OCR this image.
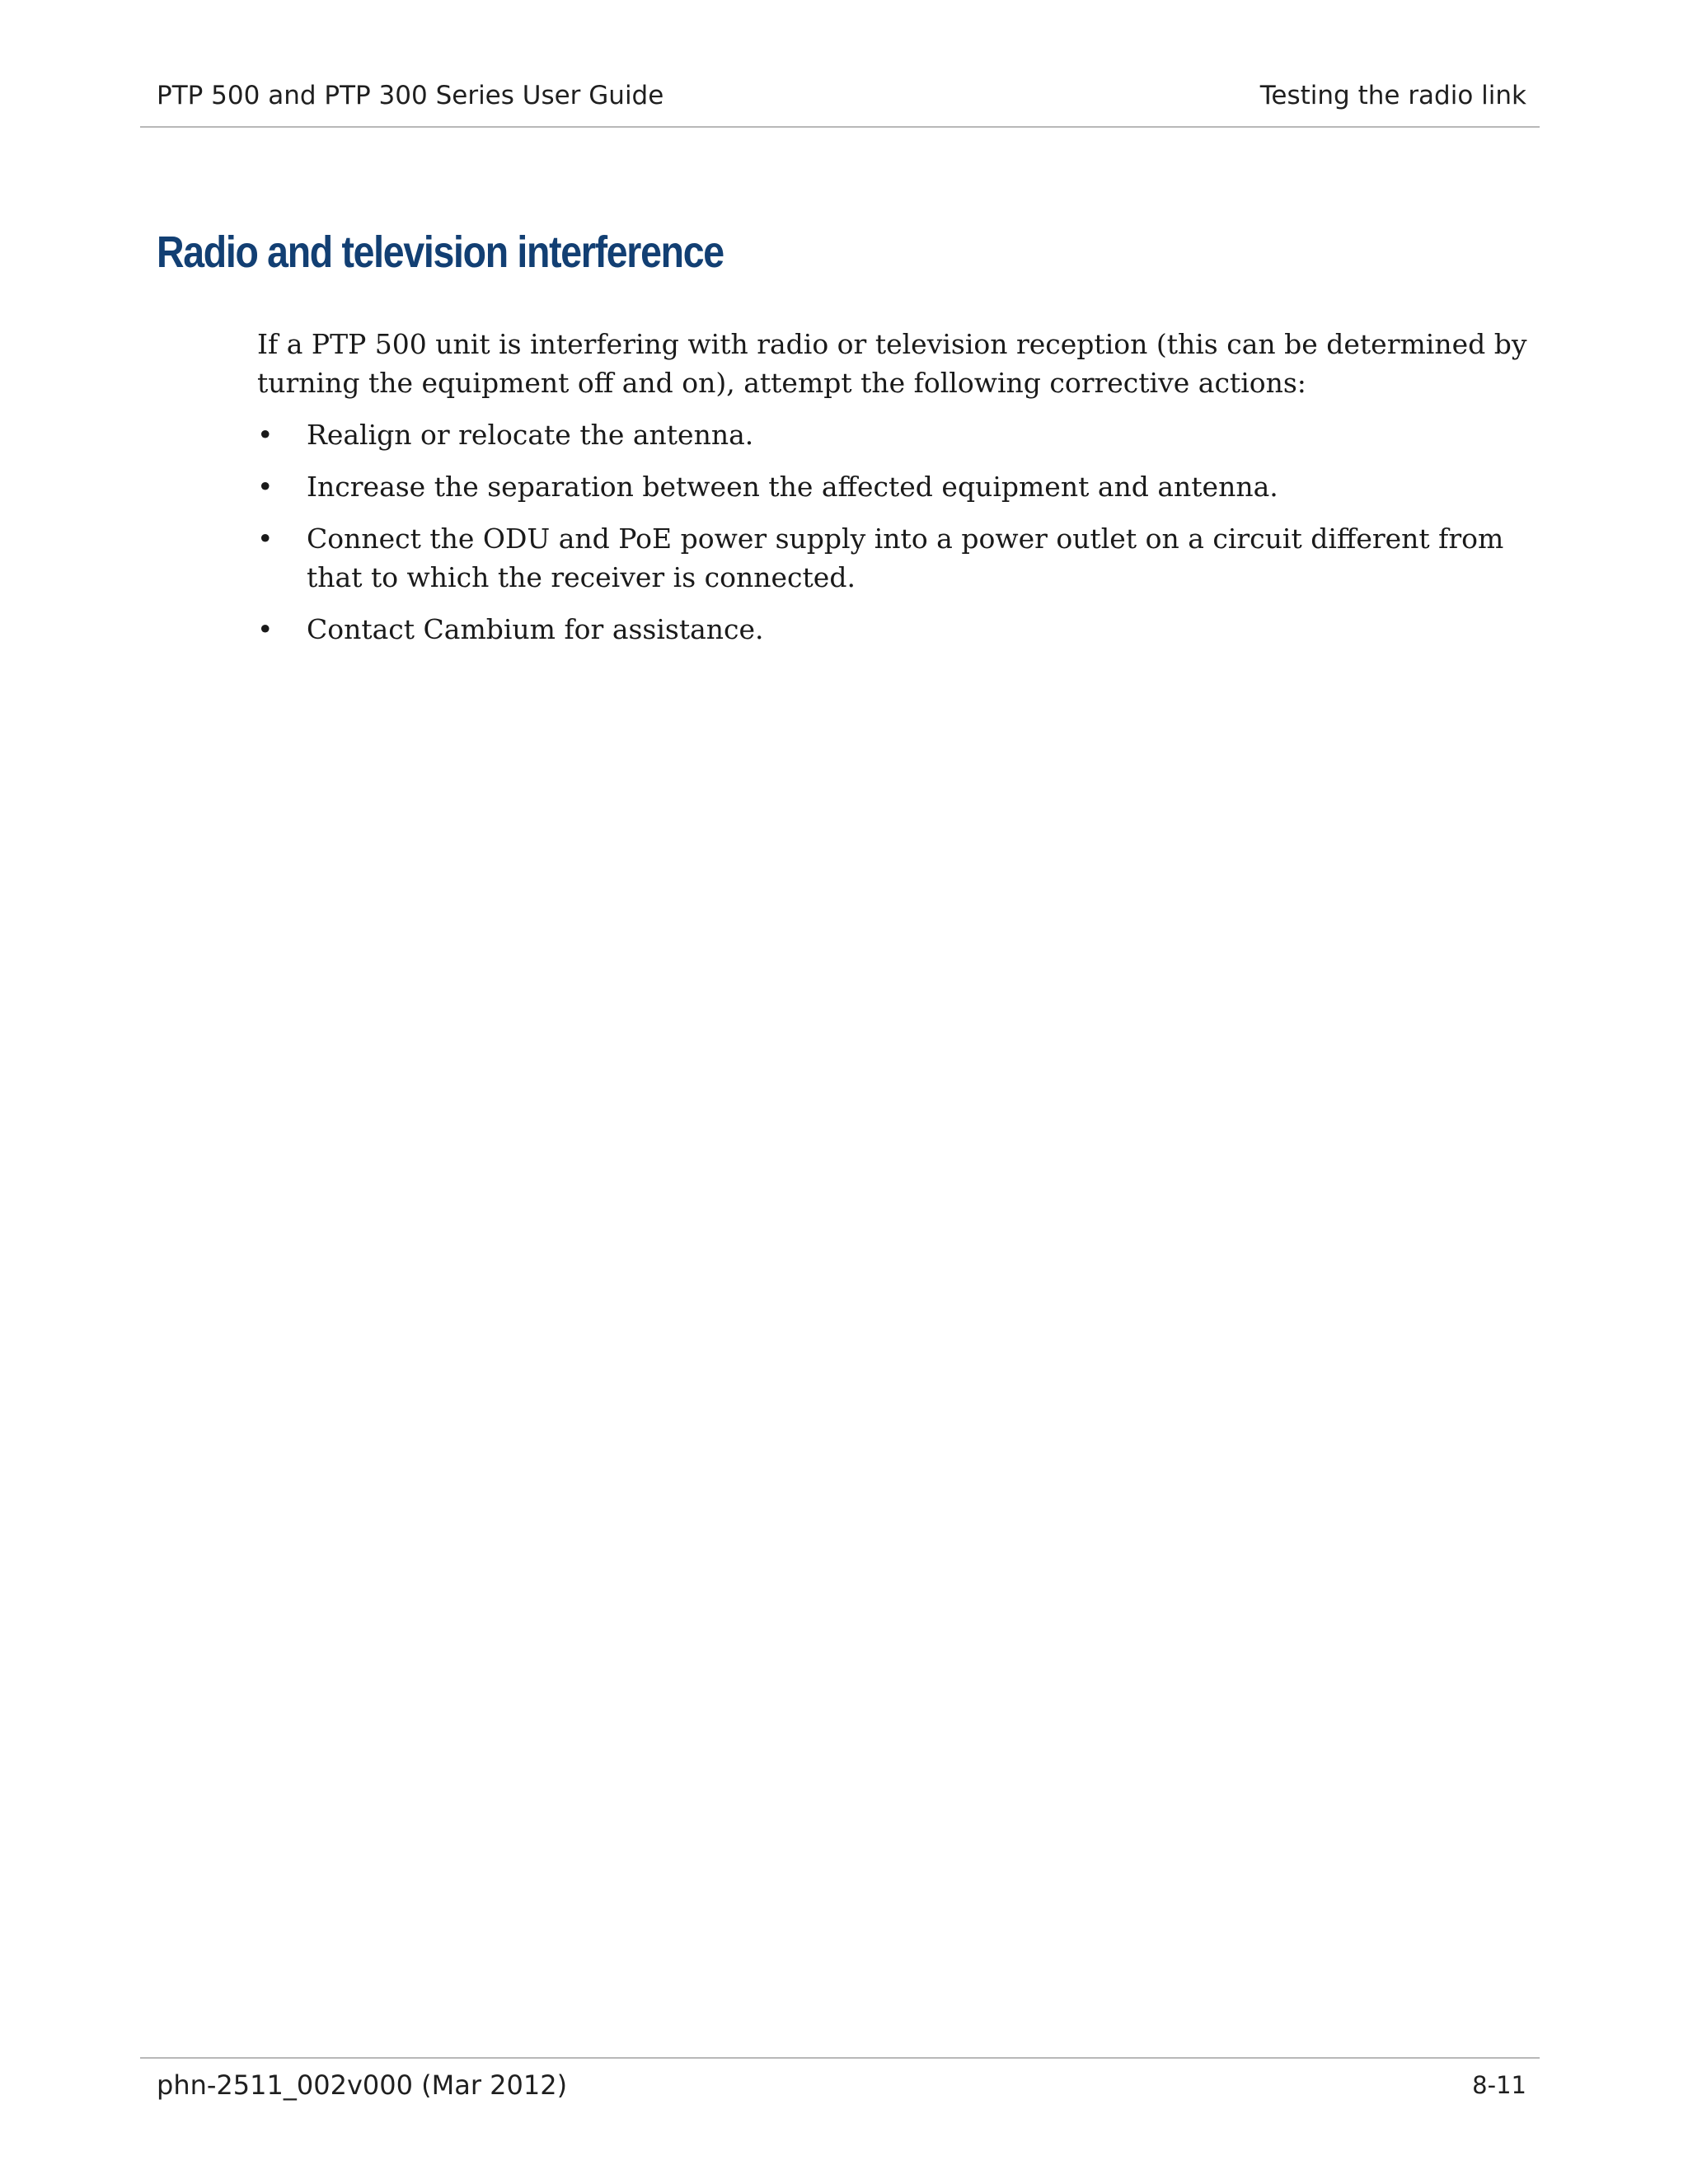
PTP 500 and PTP 300 Series User Guide	Testing the radio link
Radio and television interference

If a PTP 500 unit is interfering with radio or television reception (this can be determined by turning the equipment off and on), attempt the following corrective actions:

•	Realign or relocate the antenna.
•	Increase the separation between the affected equipment and antenna.
•	Connect the ODU and PoE power supply into a power outlet on a circuit different from that to which the receiver is connected.
•	Contact Cambium for assistance.
phn-2511_002v000 (Mar 2012)	8-11
